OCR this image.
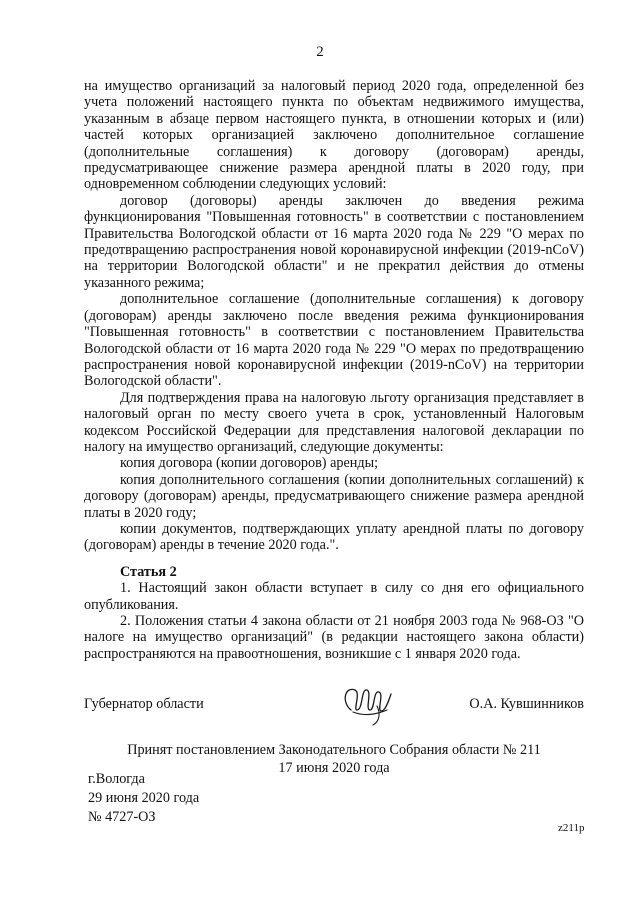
2

на имущество организаций за налоговый период 2020 года, определенной без учета положений настоящего пункта по объектам недвижимого имущества, указанным в абзаце первом настоящего пункта, в отношении которых и (или) частей которых организацией заключено дополнительное соглашение (дополнительные соглашения) к договору (договорам) аренды, предусматривающее снижение размера арендной платы в 2020 году, при одновременном соблюдении следующих условий:

договор (договоры) аренды заключен до введения режима функционирования "Повышенная готовность" в соответствии с постановлением Правительства Вологодской области от 16 марта 2020 года № 229 "О мерах по предотвращению распространения новой коронавирусной инфекции (2019-nCoV) на территории Вологодской области" и не прекратил действия до отмены указанного режима;

дополнительное соглашение (дополнительные соглашения) к договору (договорам) аренды заключено после введения режима функционирования "Повышенная готовность" в соответствии с постановлением Правительства Вологодской области от 16 марта 2020 года № 229 "О мерах по предотвращению распространения новой коронавирусной инфекции (2019-nCoV) на территории Вологодской области".

Для подтверждения права на налоговую льготу организация представляет в налоговый орган по месту своего учета в срок, установленный Налоговым кодексом Российской Федерации для представления налоговой декларации по налогу на имущество организаций, следующие документы:

копия договора (копии договоров) аренды;

копия дополнительного соглашения (копии дополнительных соглашений) к договору (договорам) аренды, предусматривающего снижение размера арендной платы в 2020 году;

копии документов, подтверждающих уплату арендной платы по договору (договорам) аренды в течение 2020 года.".

Статья 2

1. Настоящий закон области вступает в силу со дня его официального опубликования.

2. Положения статьи 4 закона области от 21 ноября 2003 года № 968-ОЗ "О налоге на имущество организаций" (в редакции настоящего закона области) распространяются на правоотношения, возникшие с 1 января 2020 года.

Губернатор области	О.А. Кувшинников
Принят постановлением Законодательного Собрания области № 211
17 июня 2020 года
г.Вологда
29 июня 2020 года
№ 4727-ОЗ
z211p
